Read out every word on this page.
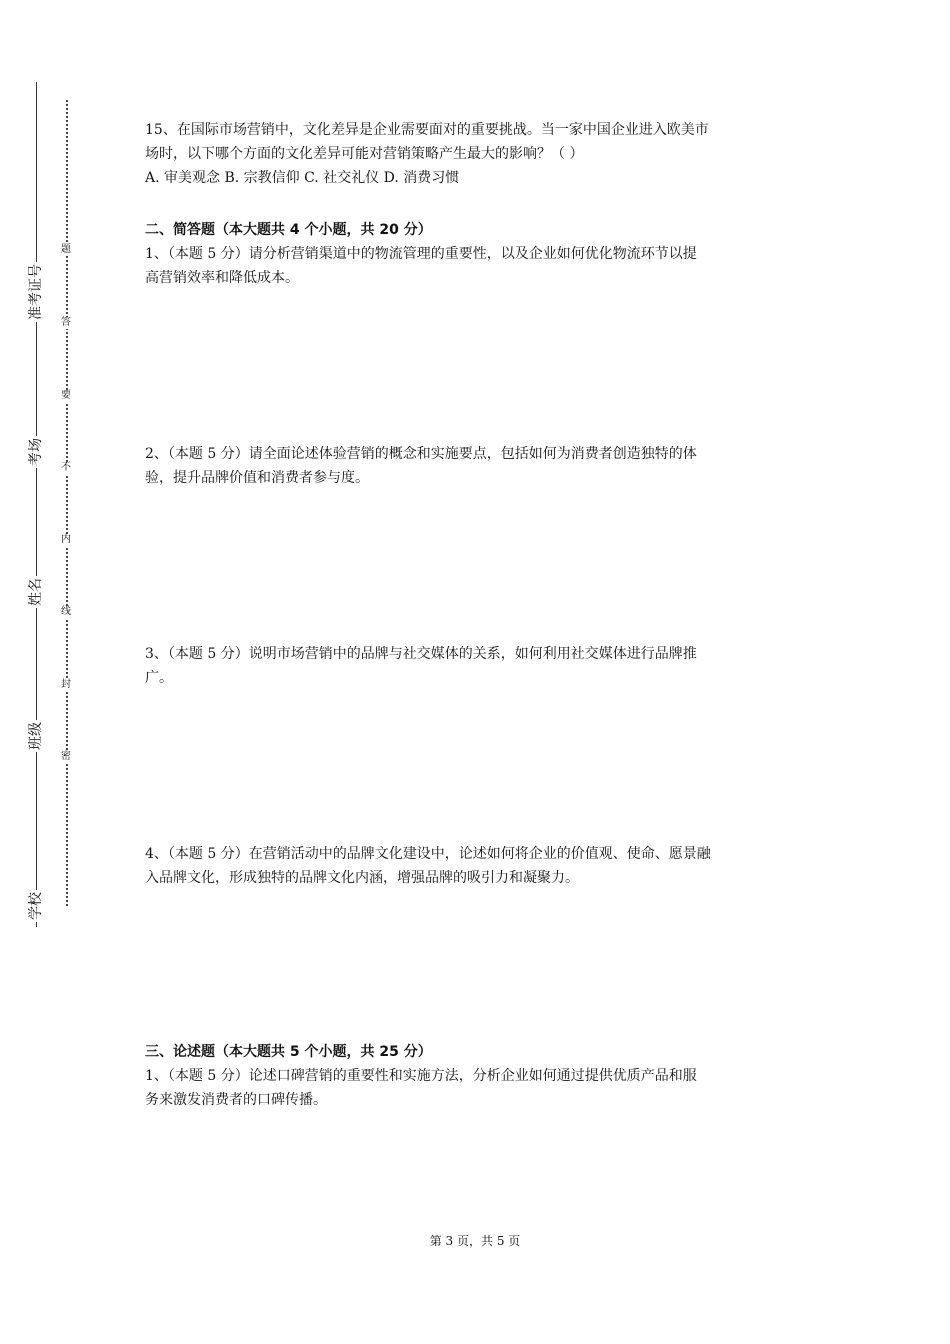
准考证号
考场
姓名
班级
学校
题
答
要
不
内
线
封
密

15、在国际市场营销中，文化差异是企业需要面对的重要挑战。当一家中国企业进入欧美市

场时，以下哪个方面的文化差异可能对营销策略产生最大的影响？（ ）

A. 审美观念 B. 宗教信仰 C. 社交礼仪 D. 消费习惯

二、简答题（本大题共 4 个小题，共 20 分）

1、（本题 5 分）请分析营销渠道中的物流管理的重要性，以及企业如何优化物流环节以提

高营销效率和降低成本。

2、（本题 5 分）请全面论述体验营销的概念和实施要点，包括如何为消费者创造独特的体

验，提升品牌价值和消费者参与度。

3、（本题 5 分）说明市场营销中的品牌与社交媒体的关系，如何利用社交媒体进行品牌推

广。

4、（本题 5 分）在营销活动中的品牌文化建设中，论述如何将企业的价值观、使命、愿景融

入品牌文化，形成独特的品牌文化内涵，增强品牌的吸引力和凝聚力。

三、论述题（本大题共 5 个小题，共 25 分）

1、（本题 5 分）论述口碑营销的重要性和实施方法，分析企业如何通过提供优质产品和服

务来激发消费者的口碑传播。

第 3 页，共 5 页
